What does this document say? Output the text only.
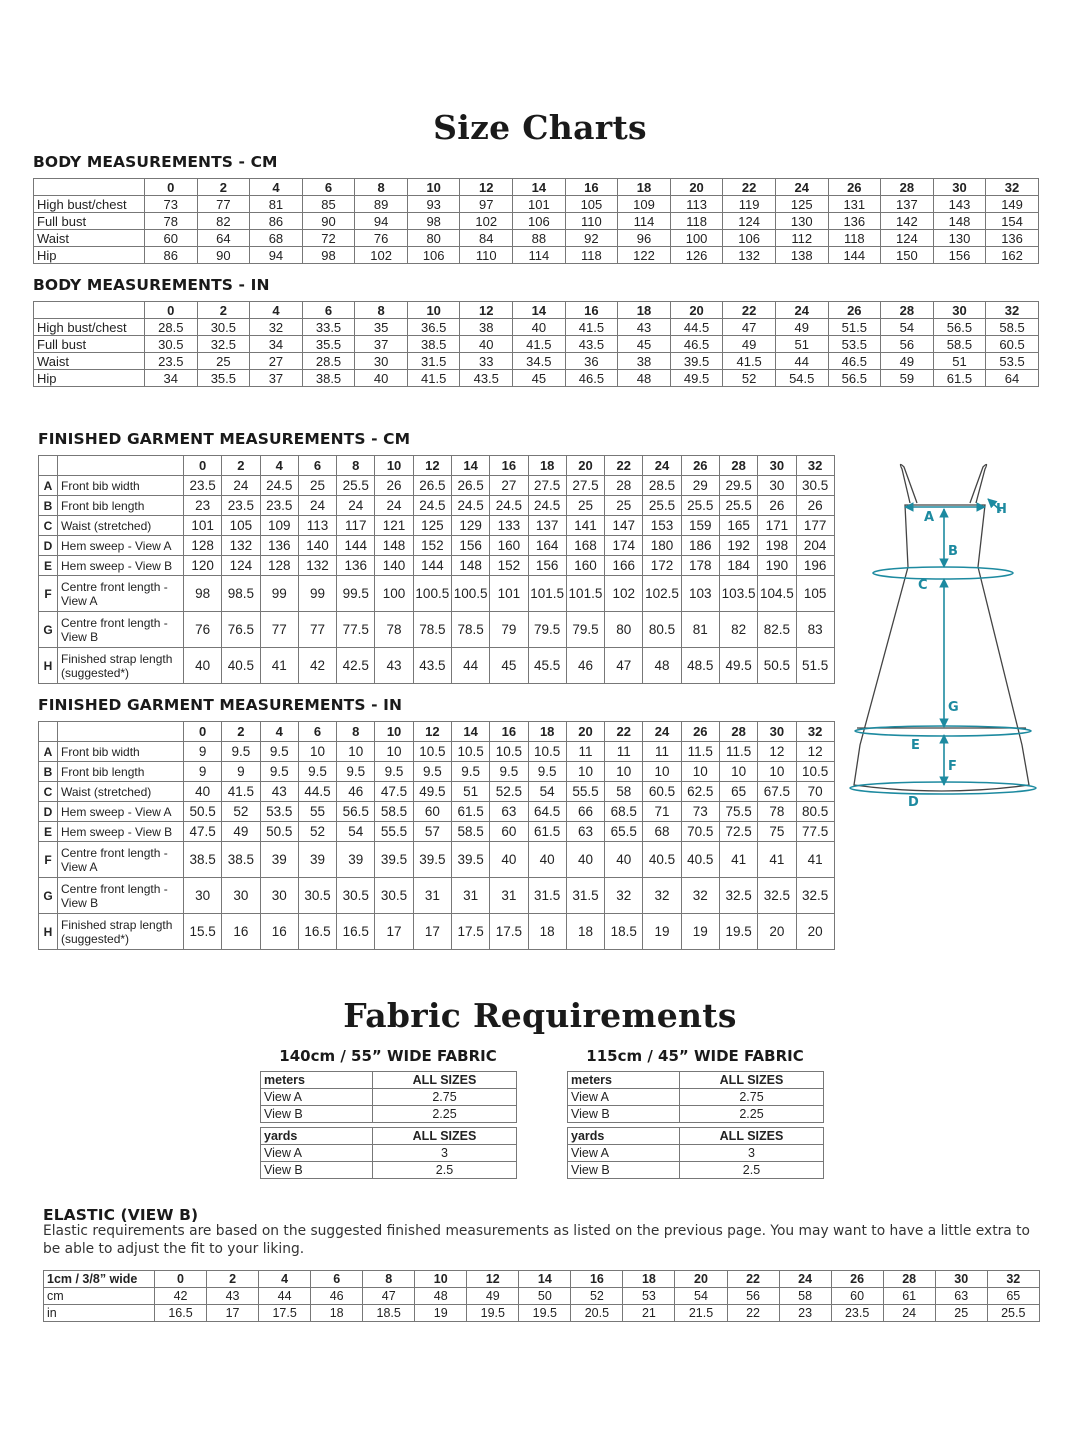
Size Charts
BODY MEASUREMENTS - CM
	0	2	4	6	8	10	12	14	16	18	20	22	24	26	28	30	32
High bust/chest	73	77	81	85	89	93	97	101	105	109	113	119	125	131	137	143	149
Full bust	78	82	86	90	94	98	102	106	110	114	118	124	130	136	142	148	154
Waist	60	64	68	72	76	80	84	88	92	96	100	106	112	118	124	130	136
Hip	86	90	94	98	102	106	110	114	118	122	126	132	138	144	150	156	162
BODY MEASUREMENTS - IN
	0	2	4	6	8	10	12	14	16	18	20	22	24	26	28	30	32
High bust/chest	28.5	30.5	32	33.5	35	36.5	38	40	41.5	43	44.5	47	49	51.5	54	56.5	58.5
Full bust	30.5	32.5	34	35.5	37	38.5	40	41.5	43.5	45	46.5	49	51	53.5	56	58.5	60.5
Waist	23.5	25	27	28.5	30	31.5	33	34.5	36	38	39.5	41.5	44	46.5	49	51	53.5
Hip	34	35.5	37	38.5	40	41.5	43.5	45	46.5	48	49.5	52	54.5	56.5	59	61.5	64
FINISHED GARMENT MEASUREMENTS - CM
		0	2	4	6	8	10	12	14	16	18	20	22	24	26	28	30	32
A	Front bib width	23.5	24	24.5	25	25.5	26	26.5	26.5	27	27.5	27.5	28	28.5	29	29.5	30	30.5
B	Front bib length	23	23.5	23.5	24	24	24	24.5	24.5	24.5	24.5	25	25	25.5	25.5	25.5	26	26
C	Waist (stretched)	101	105	109	113	117	121	125	129	133	137	141	147	153	159	165	171	177
D	Hem sweep - View A	128	132	136	140	144	148	152	156	160	164	168	174	180	186	192	198	204
E	Hem sweep - View B	120	124	128	132	136	140	144	148	152	156	160	166	172	178	184	190	196
F	Centre front length - View A	98	98.5	99	99	99.5	100	100.5	100.5	101	101.5	101.5	102	102.5	103	103.5	104.5	105
G	Centre front length - View B	76	76.5	77	77	77.5	78	78.5	78.5	79	79.5	79.5	80	80.5	81	82	82.5	83
H	Finished strap length (suggested*)	40	40.5	41	42	42.5	43	43.5	44	45	45.5	46	47	48	48.5	49.5	50.5	51.5
FINISHED GARMENT MEASUREMENTS - IN
		0	2	4	6	8	10	12	14	16	18	20	22	24	26	28	30	32
A	Front bib width	9	9.5	9.5	10	10	10	10.5	10.5	10.5	10.5	11	11	11	11.5	11.5	12	12
B	Front bib length	9	9	9.5	9.5	9.5	9.5	9.5	9.5	9.5	9.5	10	10	10	10	10	10	10.5
C	Waist (stretched)	40	41.5	43	44.5	46	47.5	49.5	51	52.5	54	55.5	58	60.5	62.5	65	67.5	70
D	Hem sweep - View A	50.5	52	53.5	55	56.5	58.5	60	61.5	63	64.5	66	68.5	71	73	75.5	78	80.5
E	Hem sweep - View B	47.5	49	50.5	52	54	55.5	57	58.5	60	61.5	63	65.5	68	70.5	72.5	75	77.5
F	Centre front length - View A	38.5	38.5	39	39	39	39.5	39.5	39.5	40	40	40	40	40.5	40.5	41	41	41
G	Centre front length - View B	30	30	30	30.5	30.5	30.5	31	31	31	31.5	31.5	32	32	32	32.5	32.5	32.5
H	Finished strap length (suggested*)	15.5	16	16	16.5	16.5	17	17	17.5	17.5	18	18	18.5	19	19	19.5	20	20
A
B
C
D
E
F
G
H
Fabric Requirements
140cm / 55” WIDE FABRIC
meters	ALL SIZES
View A	2.75
View B	2.25

yards	ALL SIZES
View A	3
View B	2.5
115cm / 45” WIDE FABRIC
meters	ALL SIZES
View A	2.75
View B	2.25

yards	ALL SIZES
View A	3
View B	2.5
ELASTIC (VIEW B)

Elastic requirements are based on the suggested finished measurements as listed on the previous page. You may want to have a little extra to be able to adjust the fit to your liking.

1cm / 3/8” wide	0	2	4	6	8	10	12	14	16	18	20	22	24	26	28	30	32
cm	42	43	44	46	47	48	49	50	52	53	54	56	58	60	61	63	65
in	16.5	17	17.5	18	18.5	19	19.5	19.5	20.5	21	21.5	22	23	23.5	24	25	25.5
